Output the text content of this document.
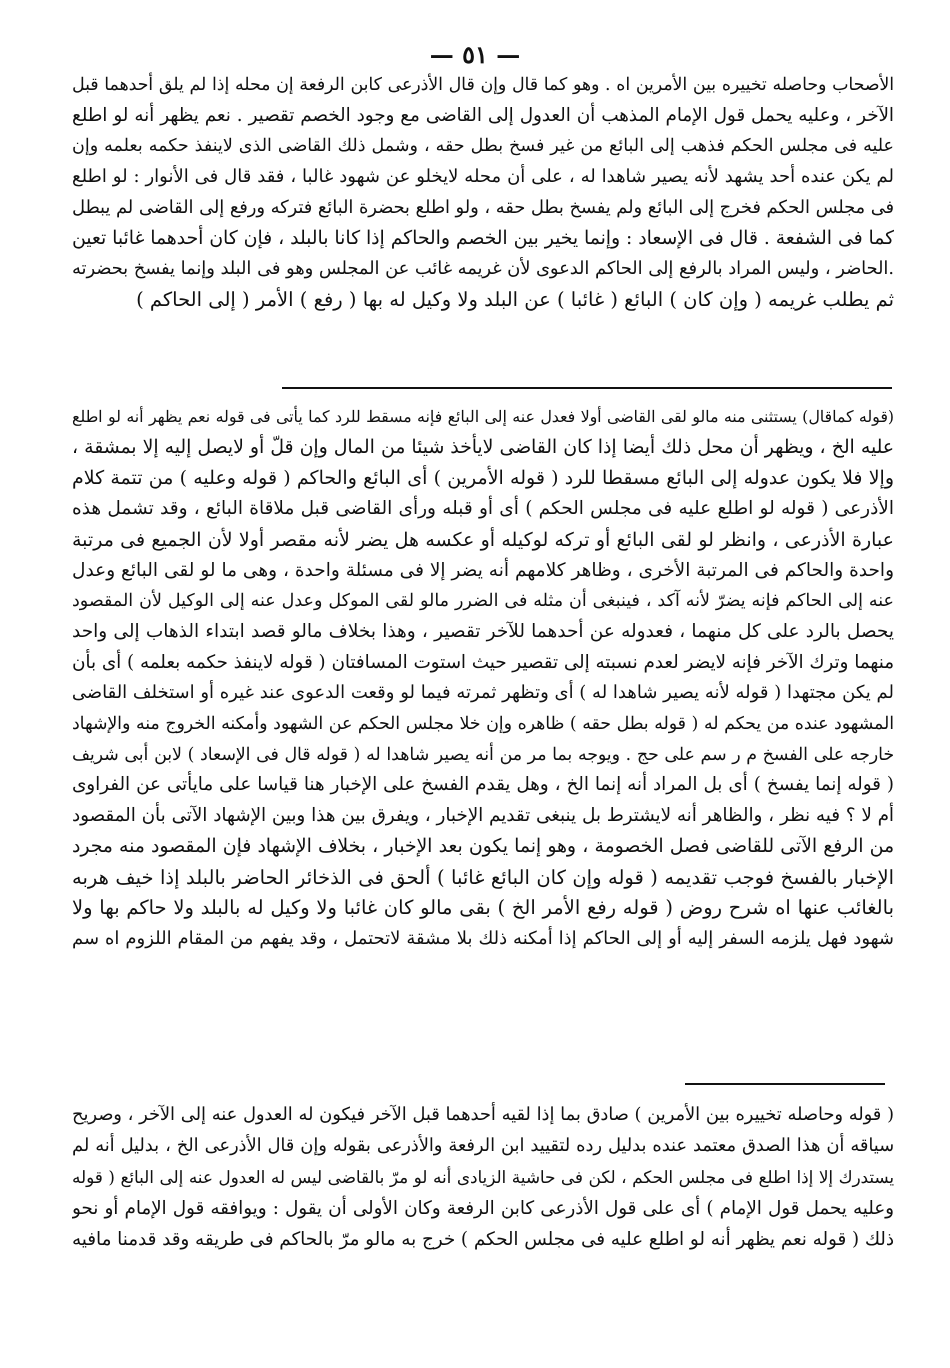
— ٥١ —
الأصحاب وحاصله تخييره بين الأمرين اه . وهو كما قال وإن قال الأذرعى كابن الرفعة إن محله إذا لم يلق أحدهما قبل
الآخر ، وعليه يحمل قول الإمام المذهب أن العدول إلى القاضى مع وجود الخصم تقصير . نعم يظهر أنه لو اطلع
عليه فى مجلس الحكم فذهب إلى البائع من غير فسخ بطل حقه ، وشمل ذلك القاضى الذى لاينفذ حكمه بعلمه وإن
لم يكن عنده أحد يشهد لأنه يصير شاهدا له ، على أن محله لايخلو عن شهود غالبا ، فقد قال فى الأنوار : لو اطلع
فى مجلس الحكم فخرج إلى البائع ولم يفسخ بطل حقه ، ولو اطلع بحضرة البائع فتركه ورفع إلى القاضى لم يبطل
كما فى الشفعة . قال فى الإسعاد : وإنما يخير بين الخصم والحاكم إذا كانا بالبلد ، فإن كان أحدهما غائبا تعين
.الحاضر ، وليس المراد بالرفع إلى الحاكم الدعوى لأن غريمه غائب عن المجلس وهو فى البلد وإنما يفسخ بحضرته
ثم يطلب غريمه ( وإن كان ) البائع ( غائبا ) عن البلد ولا وكيل له بها ( رفع ) الأمر ( إلى الحاكم )
(قوله كماقال) يستثنى منه مالو لقى القاضى أولا فعدل عنه إلى البائع فإنه مسقط للرد كما يأتى فى قوله نعم يظهر أنه لو اطلع
عليه الخ ، ويظهر أن محل ذلك أيضا إذا كان القاضى لايأخذ شيئا من المال وإن قلّ أو لايصل إليه إلا بمشقة ،
وإلا فلا يكون عدوله إلى البائع مسقطا للرد ( قوله الأمرين ) أى البائع والحاكم ( قوله وعليه ) من تتمة كلام
الأذرعى ( قوله لو اطلع عليه فى مجلس الحكم ) أى أو قبله ورأى القاضى قبل ملاقاة البائع ، وقد تشمل هذه
عبارة الأذرعى ، وانظر لو لقى البائع أو تركه لوكيله أو عكسه هل يضر لأنه مقصر أولا لأن الجميع فى مرتبة
واحدة والحاكم فى المرتبة الأخرى ، وظاهر كلامهم أنه يضر إلا فى مسئلة واحدة ، وهى ما لو لقى البائع وعدل
عنه إلى الحاكم فإنه يضرّ لأنه آكد ، فينبغى أن مثله فى الضرر مالو لقى الموكل وعدل عنه إلى الوكيل لأن المقصود
يحصل بالرد على كل منهما ، فعدوله عن أحدهما للآخر تقصير ، وهذا بخلاف مالو قصد ابتداء الذهاب إلى واحد
منهما وترك الآخر فإنه لايضر لعدم نسبته إلى تقصير حيث استوت المسافتان ( قوله لاينفذ حكمه بعلمه ) أى بأن
لم يكن مجتهدا ( قوله لأنه يصير شاهدا له ) أى وتظهر ثمرته فيما لو وقعت الدعوى عند غيره أو استخلف القاضى
المشهود عنده من يحكم له ( قوله بطل حقه ) ظاهره وإن خلا مجلس الحكم عن الشهود وأمكنه الخروج منه والإشهاد
خارجه على الفسخ م ر سم على حج . ويوجه بما مر من أنه يصير شاهدا له ( قوله قال فى الإسعاد ) لابن أبى شريف
( قوله إنما يفسخ ) أى بل المراد أنه إنما الخ ، وهل يقدم الفسخ على الإخبار هنا قياسا على مايأتى عن الفراوى
أم لا ؟ فيه نظر ، والظاهر أنه لايشترط بل ينبغى تقديم الإخبار ، ويفرق بين هذا وبين الإشهاد الآتى بأن المقصود
من الرفع الآتى للقاضى فصل الخصومة ، وهو إنما يكون بعد الإخبار ، بخلاف الإشهاد فإن المقصود منه مجرد
الإخبار بالفسخ فوجب تقديمه ( قوله وإن كان البائع غائبا ) ألحق فى الذخائر الحاضر بالبلد إذا خيف هربه
بالغائب عنها اه شرح روض ( قوله رفع الأمر الخ ) بقى مالو كان غائبا ولا وكيل له بالبلد ولا حاكم بها ولا
شهود فهل يلزمه السفر إليه أو إلى الحاكم إذا أمكنه ذلك بلا مشقة لاتحتمل ، وقد يفهم من المقام اللزوم اه سم
( قوله وحاصله تخييره بين الأمرين ) صادق بما إذا لقيه أحدهما قبل الآخر فيكون له العدول عنه إلى الآخر ، وصريح
سياقه أن هذا الصدق معتمد عنده بدليل رده لتقييد ابن الرفعة والأذرعى بقوله وإن قال الأذرعى الخ ، بدليل أنه لم
يستدرك إلا إذا اطلع فى مجلس الحكم ، لكن فى حاشية الزيادى أنه لو مرّ بالقاضى ليس له العدول عنه إلى البائع ( قوله
وعليه يحمل قول الإمام ) أى على قول الأذرعى كابن الرفعة وكان الأولى أن يقول : ويوافقه قول الإمام أو نحو
ذلك ( قوله نعم يظهر أنه لو اطلع عليه فى مجلس الحكم ) خرج به مالو مرّ بالحاكم فى طريقه وقد قدمنا مافيه
